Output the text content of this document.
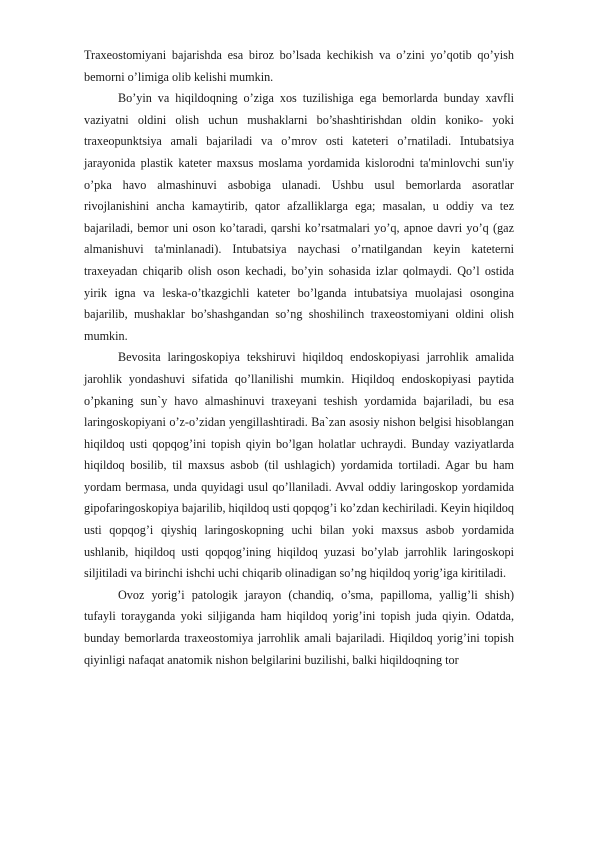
Traxeostomiyani bajarishda esa biroz bo’lsada kechikish va o’zini yo’qotib qo’yish bemorni o’limiga olib kelishi mumkin.

Bo’yin va hiqildoqning o’ziga xos tuzilishiga ega bemorlarda bunday xavfli vaziyatni oldini olish uchun mushaklarni bo’shashtirishdan oldin koniko- yoki traxeopunktsiya amali bajariladi va o’mrov osti kateteri o’rnatiladi. Intubatsiya jarayonida plastik kateter maxsus moslama yordamida kislorodni ta'minlovchi sun'iy o’pka havo almashinuvi asbobiga ulanadi. Ushbu usul bemorlarda asoratlar rivojlanishini ancha kamaytirib, qator afzalliklarga ega; masalan, u oddiy va tez bajariladi, bemor uni oson ko’taradi, qarshi ko’rsatmalari yo’q, apnoe davri yo’q (gaz almanishuvi ta'minlanadi). Intubatsiya naychasi o’rnatilgandan keyin kateterni traxeyadan chiqarib olish oson kechadi, bo’yin sohasida izlar qolmaydi. Qo’l ostida yirik igna va leska-o’tkazgichli kateter bo’lganda intubatsiya muolajasi osongina bajarilib, mushaklar bo’shashgandan so’ng shoshilinch traxeostomiyani oldini olish mumkin.

Bevosita laringoskopiya tekshiruvi hiqildoq endoskopiyasi jarrohlik amalida jarohlik yondashuvi sifatida qo’llanilishi mumkin. Hiqildoq endoskopiyasi paytida o’pkaning sun`y havo almashinuvi traxeyani teshish yordamida bajariladi, bu esa laringoskopiyani o’z-o’zidan yengillashtiradi. Ba`zan asosiy nishon belgisi hisoblangan hiqildoq usti qopqog’ini topish qiyin bo’lgan holatlar uchraydi. Bunday vaziyatlarda hiqildoq bosilib, til maxsus asbob (til ushlagich) yordamida tortiladi. Agar bu ham yordam bermasa, unda quyidagi usul qo’llaniladi. Avval oddiy laringoskop yordamida gipofaringoskopiya bajarilib, hiqildoq usti qopqog’i ko’zdan kechiriladi. Keyin hiqildoq usti qopqog’i qiyshiq laringoskopning uchi bilan yoki maxsus asbob yordamida ushlanib, hiqildoq usti qopqog’ining hiqildoq yuzasi bo’ylab jarrohlik laringoskopi siljitiladi va birinchi ishchi uchi chiqarib olinadigan so’ng hiqildoq yorig’iga kiritiladi.

Ovoz yorig’i patologik jarayon (chandiq, o’sma, papilloma, yallig’li shish) tufayli torayganda yoki siljiganda ham hiqildoq yorig’ini topish juda qiyin. Odatda, bunday bemorlarda traxeostomiya jarrohlik amali bajariladi. Hiqildoq yorig’ini topish qiyinligi nafaqat anatomik nishon belgilarini buzilishi, balki hiqildoqning tor
